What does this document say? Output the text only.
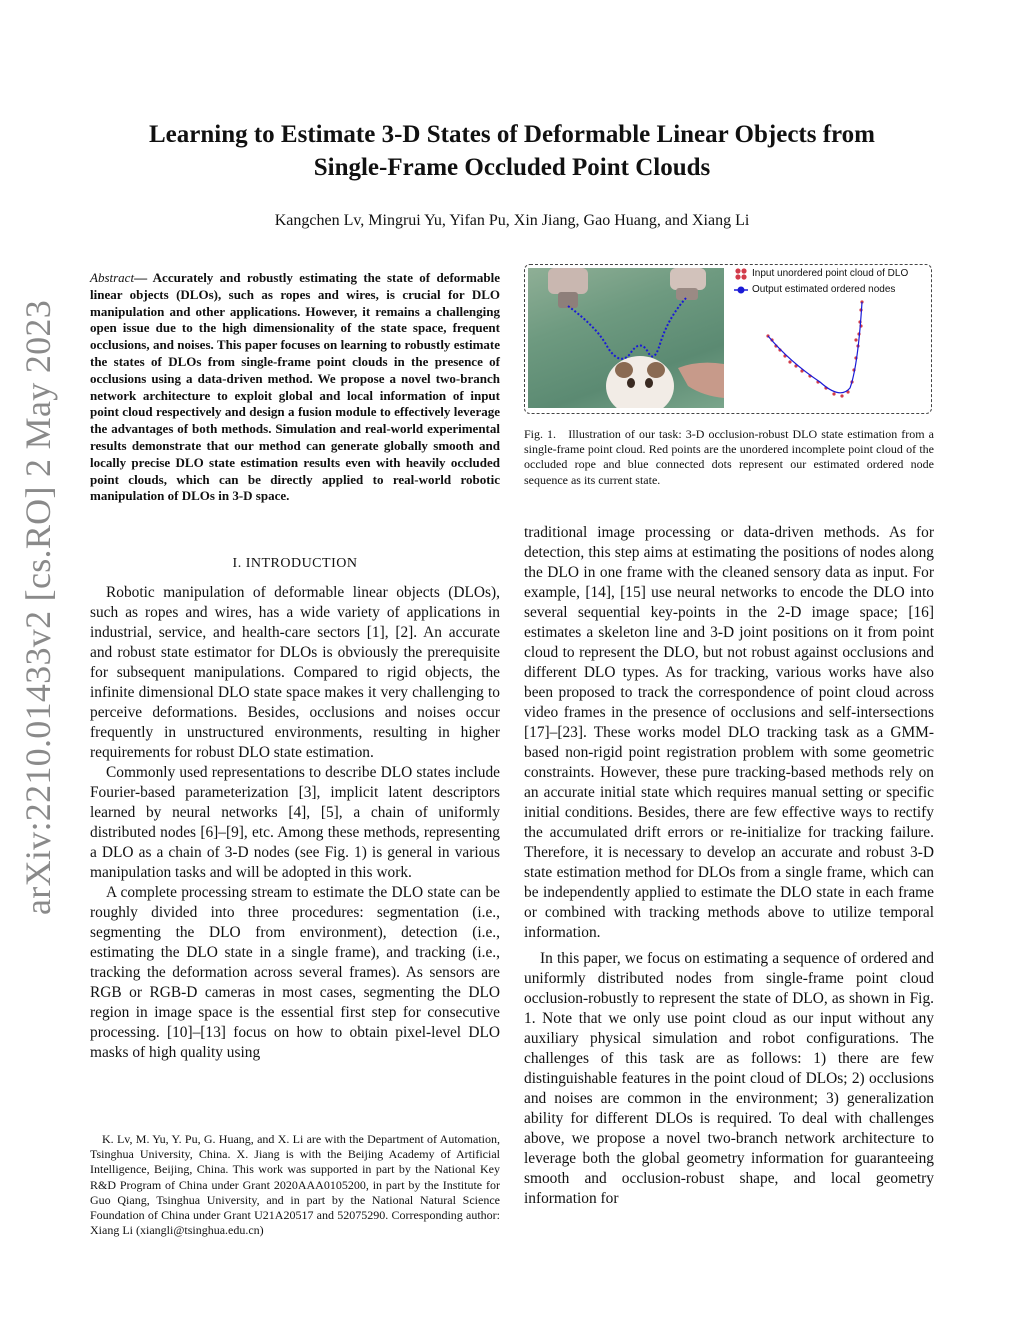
Learning to Estimate 3-D States of Deformable Linear Objects from
Single-Frame Occluded Point Clouds
Kangchen Lv, Mingrui Yu, Yifan Pu, Xin Jiang, Gao Huang, and Xiang Li
arXiv:2210.01433v2 [cs.RO] 2 May 2023
Abstract— Accurately and robustly estimating the state of deformable linear objects (DLOs), such as ropes and wires, is crucial for DLO manipulation and other applications. However, it remains a challenging open issue due to the high dimensionality of the state space, frequent occlusions, and noises. This paper focuses on learning to robustly estimate the states of DLOs from single-frame point clouds in the presence of occlusions using a data-driven method. We propose a novel two-branch network architecture to exploit global and local information of input point cloud respectively and design a fusion module to effectively leverage the advantages of both methods. Simulation and real-world experimental results demonstrate that our method can generate globally smooth and locally precise DLO state estimation results even with heavily occluded point clouds, which can be directly applied to real-world robotic manipulation of DLOs in 3-D space.
I. INTRODUCTION

Robotic manipulation of deformable linear objects (DLOs), such as ropes and wires, has a wide variety of applications in industrial, service, and health-care sectors [1], [2]. An accurate and robust state estimator for DLOs is obviously the prerequisite for subsequent manipulations. Compared to rigid objects, the infinite dimensional DLO state space makes it very challenging to perceive deformations. Besides, occlusions and noises occur frequently in unstructured environments, resulting in higher requirements for robust DLO state estimation.

Commonly used representations to describe DLO states include Fourier-based parameterization [3], implicit latent descriptors learned by neural networks [4], [5], a chain of uniformly distributed nodes [6]–[9], etc. Among these methods, representing a DLO as a chain of 3-D nodes (see Fig. 1) is general in various manipulation tasks and will be adopted in this work.

A complete processing stream to estimate the DLO state can be roughly divided into three procedures: segmentation (i.e., segmenting the DLO from environment), detection (i.e., estimating the DLO state in a single frame), and tracking (i.e., tracking the deformation across several frames). As sensors are RGB or RGB-D cameras in most cases, segmenting the DLO region in image space is the essential first step for consecutive processing. [10]–[13] focus on how to obtain pixel-level DLO masks of high quality using

K. Lv, M. Yu, Y. Pu, G. Huang, and X. Li are with the Department of Automation, Tsinghua University, China. X. Jiang is with the Beijing Academy of Artificial Intelligence, Beijing, China. This work was supported in part by the National Key R&D Program of China under Grant 2020AAA0105200, in part by the Institute for Guo Qiang, Tsinghua University, and in part by the National Natural Science Foundation of China under Grant U21A20517 and 52075290. Corresponding author: Xiang Li (xiangli@tsinghua.edu.cn)

Input unordered point cloud of DLO
Output estimated ordered nodes
Fig. 1. Illustration of our task: 3-D occlusion-robust DLO state estimation from a single-frame point cloud. Red points are the unordered incomplete point cloud of the occluded rope and blue connected dots represent our estimated ordered node sequence as its current state.

traditional image processing or data-driven methods. As for detection, this step aims at estimating the positions of nodes along the DLO in one frame with the cleaned sensory data as input. For example, [14], [15] use neural networks to encode the DLO into several sequential key-points in the 2-D image space; [16] estimates a skeleton line and 3-D joint positions on it from point cloud to represent the DLO, but not robust against occlusions and different DLO types. As for tracking, various works have also been proposed to track the correspondence of point cloud across video frames in the presence of occlusions and self-intersections [17]–[23]. These works model DLO tracking task as a GMM-based non-rigid point registration problem with some geometric constraints. However, these pure tracking-based methods rely on an accurate initial state which requires manual setting or specific initial conditions. Besides, there are few effective ways to rectify the accumulated drift errors or re-initialize for tracking failure. Therefore, it is necessary to develop an accurate and robust 3-D state estimation method for DLOs from a single frame, which can be independently applied to estimate the DLO state in each frame or combined with tracking methods above to utilize temporal information.

In this paper, we focus on estimating a sequence of ordered and uniformly distributed nodes from single-frame point cloud occlusion-robustly to represent the state of DLO, as shown in Fig. 1. Note that we only use point cloud as our input without any auxiliary physical simulation and robot configurations. The challenges of this task are as follows: 1) there are few distinguishable features in the point cloud of DLOs; 2) occlusions and noises are common in the environment; 3) generalization ability for different DLOs is required. To deal with challenges above, we propose a novel two-branch network architecture to leverage both the global geometry information for guaranteeing smooth and occlusion-robust shape, and local geometry information for
